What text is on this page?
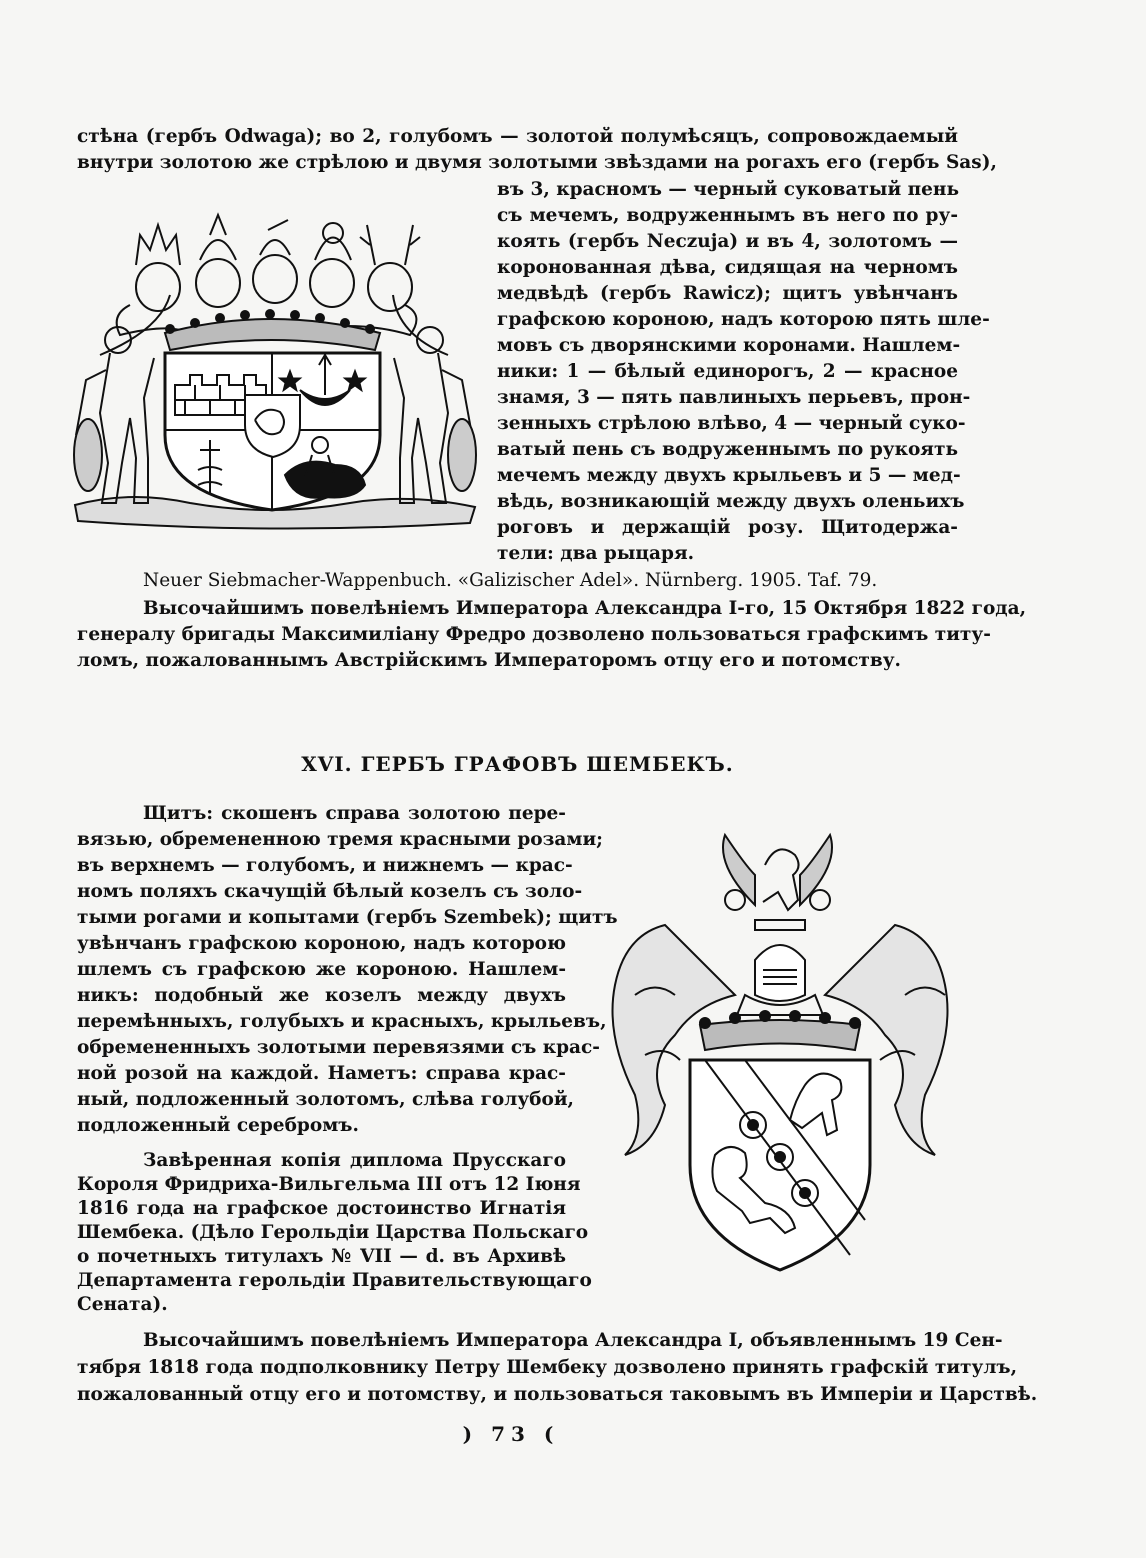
стѣна (гербъ Odwaga); во 2, голубомъ — золотой полумѣсяцъ, сопровождаемый
внутри золотою же стрѣлою и двумя золотыми звѣздами на рогахъ его (гербъ Sas),
въ 3, красномъ — черный суковатый пень
съ мечемъ, водруженнымъ въ него по ру-
коять (гербъ Neczuja) и въ 4, золотомъ —
коронованная дѣва, сидящая на черномъ
медвѣдѣ (гербъ Rawicz); щитъ увѣнчанъ
графскою короною, надъ которою пять шле-
мовъ съ дворянскими коронами. Нашлем-
ники: 1 — бѣлый единорогъ, 2 — красное
знамя, 3 — пять павлиныхъ перьевъ, прон-
зенныхъ стрѣлою влѣво, 4 — черный суко-
ватый пень съ водруженнымъ по рукоять
мечемъ между двухъ крыльевъ и 5 — мед-
вѣдь, возникающій между двухъ оленьихъ
роговъ и держащій розу. Щитодержа-
тели: два рыцаря.
Neuer Siebmacher-Wappenbuch. «Galizischer Adel». Nürnberg. 1905. Taf. 79.
Высочайшимъ повелѣніемъ Императора Александра I-го, 15 Октября 1822 года,
генералу бригады Максимиліану Фредро дозволено пользоваться графскимъ титу-
ломъ, пожалованнымъ Австрійскимъ Императоромъ отцу его и потомству.
XVI. ГЕРБЪ ГРАФОВЪ ШЕМБЕКЪ.
Щитъ: скошенъ справа золотою пере-
вязью, обремененною тремя красными розами;
въ верхнемъ — голубомъ, и нижнемъ — крас-
номъ поляхъ скачущій бѣлый козелъ съ золо-
тыми рогами и копытами (гербъ Szembek); щитъ
увѣнчанъ графскою короною, надъ которою
шлемъ съ графскою же короною. Нашлем-
никъ: подобный же козелъ между двухъ
перемѣнныхъ, голубыхъ и красныхъ, крыльевъ,
обремененныхъ золотыми перевязями съ крас-
ной розой на каждой. Наметъ: справа крас-
ный, подложенный золотомъ, слѣва голубой,
подложенный серебромъ.
Завѣренная копія диплома Прусскаго
Короля Фридриха-Вильгельма III отъ 12 Іюня
1816 года на графское достоинство Игнатія
Шембека. (Дѣло Герольдіи Царства Польскаго
о почетныхъ титулахъ № VII — d. въ Архивѣ
Департамента герольдіи Правительствующаго
Сената).
Высочайшимъ повелѣніемъ Императора Александра I, объявленнымъ 19 Сен-
тября 1818 года подполковнику Петру Шембеку дозволено принять графскій титулъ,
пожалованный отцу его и потомству, и пользоваться таковымъ въ Имперіи и Царствѣ.
) 73 (
